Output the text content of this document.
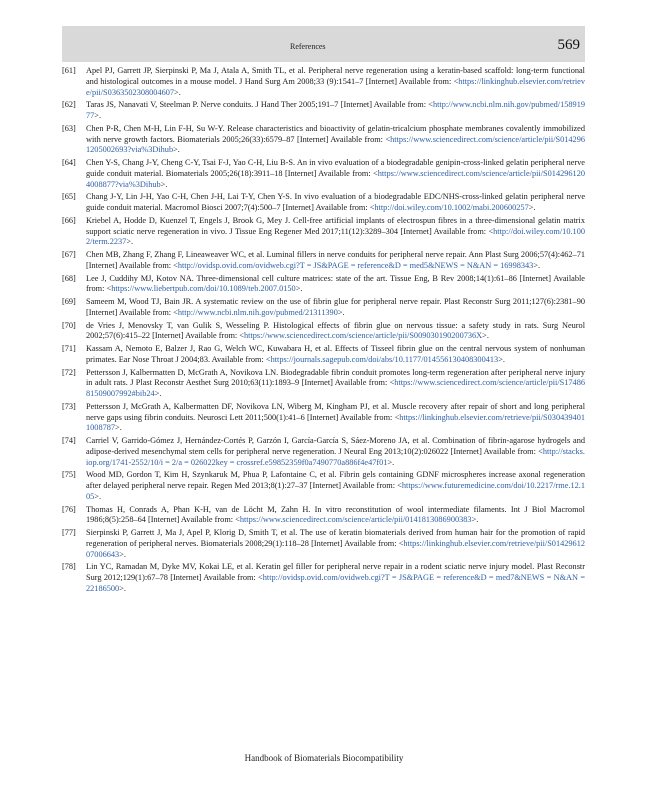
References	569
[61] Apel PJ, Garrett JP, Sierpinski P, Ma J, Atala A, Smith TL, et al. Peripheral nerve regeneration using a keratin-based scaffold: long-term functional and histological outcomes in a mouse model. J Hand Surg Am 2008;33 (9):1541–7 [Internet] Available from: <https://linkinghub.elsevier.com/retrieve/pii/S0363502308004607>.
[62] Taras JS, Nanavati V, Steelman P. Nerve conduits. J Hand Ther 2005;191–7 [Internet] Available from: <http://www.ncbi.nlm.nih.gov/pubmed/15891977>.
[63] Chen P-R, Chen M-H, Lin F-H, Su W-Y. Release characteristics and bioactivity of gelatin-tricalcium phosphate membranes covalently immobilized with nerve growth factors. Biomaterials 2005;26(33):6579–87 [Internet] Available from: <https://www.sciencedirect.com/science/article/pii/S0142961205002693?via%3Dihub>.
[64] Chen Y-S, Chang J-Y, Cheng C-Y, Tsai F-J, Yao C-H, Liu B-S. An in vivo evaluation of a biodegradable genipin-cross-linked gelatin peripheral nerve guide conduit material. Biomaterials 2005;26(18):3911–18 [Internet] Available from: <https://www.sciencedirect.com/science/article/pii/S0142961204008877?via%3Dihub>.
[65] Chang J-Y, Lin J-H, Yao C-H, Chen J-H, Lai T-Y, Chen Y-S. In vivo evaluation of a biodegradable EDC/NHS-cross-linked gelatin peripheral nerve guide conduit material. Macromol Biosci 2007;7(4):500–7 [Internet] Available from: <http://doi.wiley.com/10.1002/mabi.200600257>.
[66] Kriebel A, Hodde D, Kuenzel T, Engels J, Brook G, Mey J. Cell-free artificial implants of electrospun fibres in a three-dimensional gelatin matrix support sciatic nerve regeneration in vivo. J Tissue Eng Regener Med 2017;11(12):3289–304 [Internet] Available from: <http://doi.wiley.com/10.1002/term.2237>.
[67] Chen MB, Zhang F, Zhang F, Lineaweaver WC, et al. Luminal fillers in nerve conduits for peripheral nerve repair. Ann Plast Surg 2006;57(4):462–71 [Internet] Available from: <http://ovidsp.ovid.com/ovidweb.cgi?T = JS&PAGE = reference&D = med5&NEWS = N&AN = 16998343>.
[68] Lee J, Cuddihy MJ, Kotov NA. Three-dimensional cell culture matrices: state of the art. Tissue Eng, B Rev 2008;14(1):61–86 [Internet] Available from: <https://www.liebertpub.com/doi/10.1089/teb.2007.0150>.
[69] Sameem M, Wood TJ, Bain JR. A systematic review on the use of fibrin glue for peripheral nerve repair. Plast Reconstr Surg 2011;127(6):2381–90 [Internet] Available from: <http://www.ncbi.nlm.nih.gov/pubmed/21311390>.
[70] de Vries J, Menovsky T, van Gulik S, Wesseling P. Histological effects of fibrin glue on nervous tissue: a safety study in rats. Surg Neurol 2002;57(6):415–22 [Internet] Available from: <https://www.sciencedirect.com/science/article/pii/S009030190200736X>.
[71] Kassam A, Nemoto E, Balzer J, Rao G, Welch WC, Kuwabara H, et al. Effects of Tisseel fibrin glue on the central nervous system of nonhuman primates. Ear Nose Throat J 2004;83. Available from: <https://journals.sagepub.com/doi/abs/10.1177/014556130408300413>.
[72] Pettersson J, Kalbermatten D, McGrath A, Novikova LN. Biodegradable fibrin conduit promotes long-term regeneration after peripheral nerve injury in adult rats. J Plast Reconstr Aesthet Surg 2010;63(11):1893–9 [Internet] Available from: <https://www.sciencedirect.com/science/article/pii/S1748681509007992#bib24>.
[73] Pettersson J, McGrath A, Kalbermatten DF, Novikova LN, Wiberg M, Kingham PJ, et al. Muscle recovery after repair of short and long peripheral nerve gaps using fibrin conduits. Neurosci Lett 2011;500(1):41–6 [Internet] Available from: <https://linkinghub.elsevier.com/retrieve/pii/S0304394011008787>.
[74] Carriel V, Garrido-Gómez J, Hernández-Cortés P, Garzón I, García-García S, Sáez-Moreno JA, et al. Combination of fibrin-agarose hydrogels and adipose-derived mesenchymal stem cells for peripheral nerve regeneration. J Neural Eng 2013;10(2):026022 [Internet] Available from: <http://stacks.iop.org/1741-2552/10/i = 2/a = 026022key = crossref.e59852359f0a7490770a886f4e47f01>.
[75] Wood MD, Gordon T, Kim H, Szynkaruk M, Phua P, Lafontaine C, et al. Fibrin gels containing GDNF microspheres increase axonal regeneration after delayed peripheral nerve repair. Regen Med 2013;8(1):27–37 [Internet] Available from: <https://www.futuremedicine.com/doi/10.2217/rme.12.105>.
[76] Thomas H, Conrads A, Phan K-H, van de Löcht M, Zahn H. In vitro reconstitution of wool intermediate filaments. Int J Biol Macromol 1986;8(5):258–64 [Internet] Available from: <https://www.sciencedirect.com/science/article/pii/0141813086900383>.
[77] Sierpinski P, Garrett J, Ma J, Apel P, Klorig D, Smith T, et al. The use of keratin biomaterials derived from human hair for the promotion of rapid regeneration of peripheral nerves. Biomaterials 2008;29(1):118–28 [Internet] Available from: <https://linkinghub.elsevier.com/retrieve/pii/S0142961207006643>.
[78] Lin YC, Ramadan M, Dyke MV, Kokai LE, et al. Keratin gel filler for peripheral nerve repair in a rodent sciatic nerve injury model. Plast Reconstr Surg 2012;129(1):67–78 [Internet] Available from: <http://ovidsp.ovid.com/ovidweb.cgi?T = JS&PAGE = reference&D = med7&NEWS = N&AN = 22186500>.
Handbook of Biomaterials Biocompatibility
